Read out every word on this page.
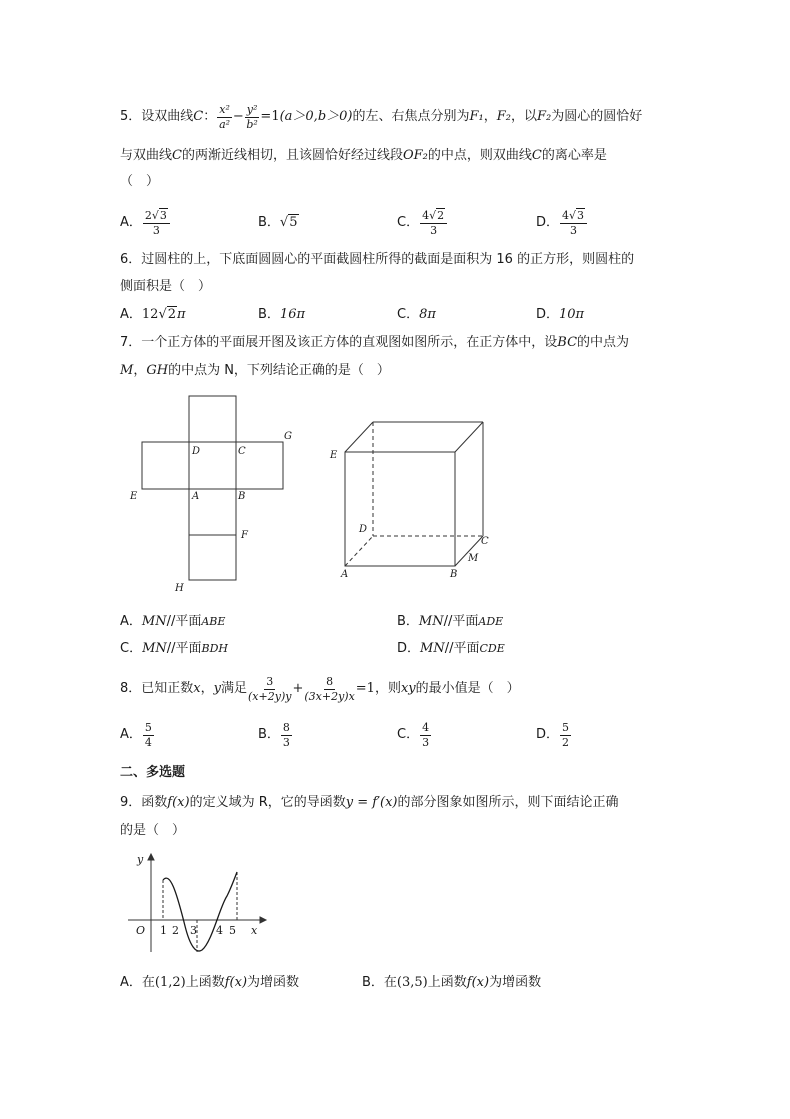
5． 设双曲线 C ： x²
$a^2 - \frac{\text{y²}}{\text{b²}} =1$ (a＞0,b＞0) 的左、右焦点分别为 F₁ ， F₂ ，以 F₂ 为圆心的圆恰好
与双曲线C的两渐近线相切，且该圆恰好经过线段OF₂的中点，则双曲线C的离心率是
（　）
A． 2√3
3	B． √5	C． 4√2
3	D． 4√3
3
6．过圆柱的上，下底面圆圆心的平面截圆柱所得的截面是面积为 16 的正方形，则圆柱的
侧面积是（　）
A．12√2π	B．16π	C．8π	D．10π
7．一个正方体的平面展开图及该正方体的直观图如图所示，在正方体中，设BC的中点为
M，GH的中点为 N，下列结论正确的是（　）
G
D	C
E	A	B
F
H
E
D
C
M
A	B
A．MN//平面ABE	B．MN//平面ADE
C．MN//平面BDH	D．MN//平面CDE
8．已知正数 x ， y 满足 3
$(x+2y)y + \frac{8}{(3x+2y)x} =1$ ，则 xy 的最小值是（　）
A． 5
4	B． 8
3	C． 4
3	D． 5
2
二、多选题
9．函数f(x)的定义域为 R，它的导函数y = f′(x)的部分图象如图所示，则下面结论正确
的是（　）
y
O 1 2 3 4 5 x
A．在(1,2)上函数f(x)为增函数	B．在(3,5)上函数f(x)为增函数
